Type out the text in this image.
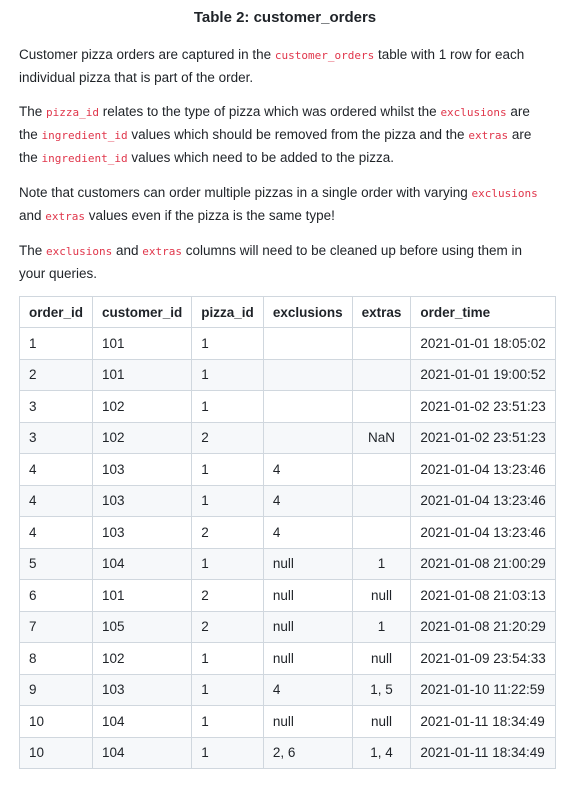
Table 2: customer_orders

Customer pizza orders are captured in the customer_orders table with 1 row for each individual pizza that is part of the order.

The pizza_id relates to the type of pizza which was ordered whilst the exclusions are the ingredient_id values which should be removed from the pizza and the extras are the ingredient_id values which need to be added to the pizza.

Note that customers can order multiple pizzas in a single order with varying exclusions and extras values even if the pizza is the same type!

The exclusions and extras columns will need to be cleaned up before using them in your queries.

order_id	customer_id	pizza_id	exclusions	extras	order_time
1	101	1			2021-01-01 18:05:02
2	101	1			2021-01-01 19:00:52
3	102	1			2021-01-02 23:51:23
3	102	2		NaN	2021-01-02 23:51:23
4	103	1	4		2021-01-04 13:23:46
4	103	1	4		2021-01-04 13:23:46
4	103	2	4		2021-01-04 13:23:46
5	104	1	null	1	2021-01-08 21:00:29
6	101	2	null	null	2021-01-08 21:03:13
7	105	2	null	1	2021-01-08 21:20:29
8	102	1	null	null	2021-01-09 23:54:33
9	103	1	4	1, 5	2021-01-10 11:22:59
10	104	1	null	null	2021-01-11 18:34:49
10	104	1	2, 6	1, 4	2021-01-11 18:34:49
